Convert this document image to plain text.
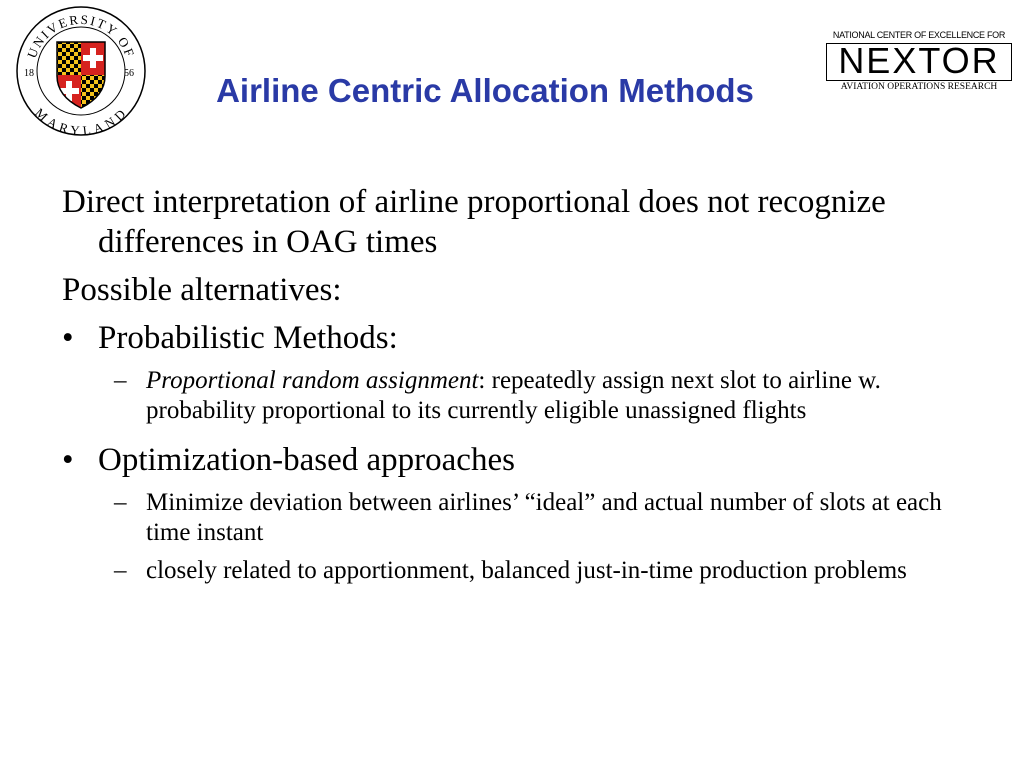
UNIVERSITY OF
MARYLAND
18	56	Airline Centric Allocation Methods
NATIONAL CENTER OF EXCELLENCE FOR
NEXTOR
AVIATION OPERATIONS RESEARCH
Direct interpretation of airline proportional does not recognize differences in OAG times
Possible alternatives:
• Probabilistic Methods:
– Proportional random assignment: repeatedly assign next slot to airline w. probability proportional to its currently eligible unassigned flights
• Optimization-based approaches
– Minimize deviation between airlines’ “ideal” and actual number of slots at each time instant
– closely related to apportionment, balanced just-in-time production problems
